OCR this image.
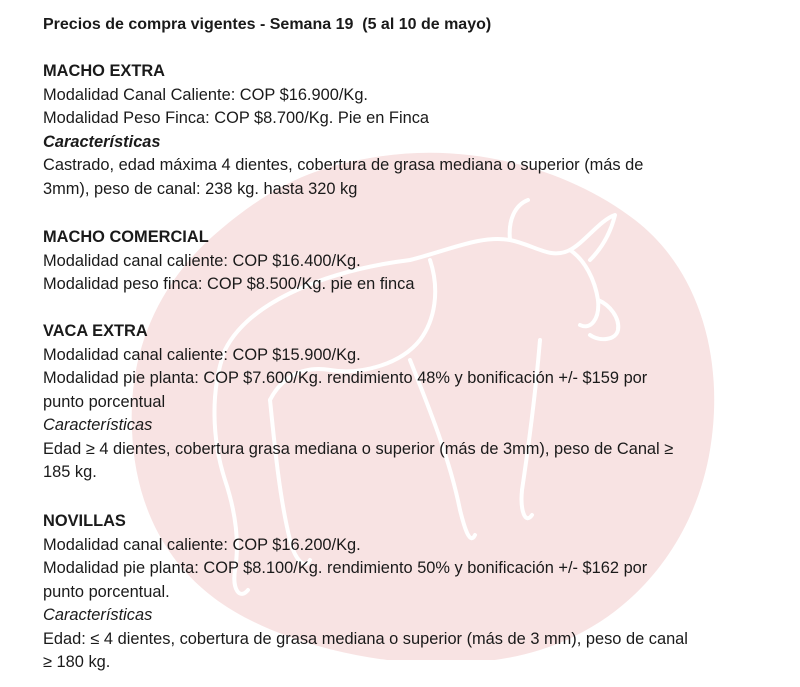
Precios de compra vigentes - Semana 19  (5 al 10 de mayo)
MACHO EXTRA
Modalidad Canal Caliente: COP $16.900/Kg.
Modalidad Peso Finca: COP $8.700/Kg. Pie en Finca
Características
Castrado, edad máxima 4 dientes, cobertura de grasa mediana o superior (más de
3mm), peso de canal: 238 kg. hasta 320 kg
MACHO COMERCIAL
Modalidad canal caliente: COP $16.400/Kg.
Modalidad peso finca: COP $8.500/Kg. pie en finca
VACA EXTRA
Modalidad canal caliente: COP $15.900/Kg.
Modalidad pie planta: COP $7.600/Kg. rendimiento 48% y bonificación +/- $159 por
punto porcentual
Características
Edad ≥ 4 dientes, cobertura grasa mediana o superior (más de 3mm), peso de Canal ≥
185 kg.
NOVILLAS
Modalidad canal caliente: COP $16.200/Kg.
Modalidad pie planta: COP $8.100/Kg. rendimiento 50% y bonificación +/- $162 por
punto porcentual.
Características
Edad: ≤ 4 dientes, cobertura de grasa mediana o superior (más de 3 mm), peso de canal
≥ 180 kg.
